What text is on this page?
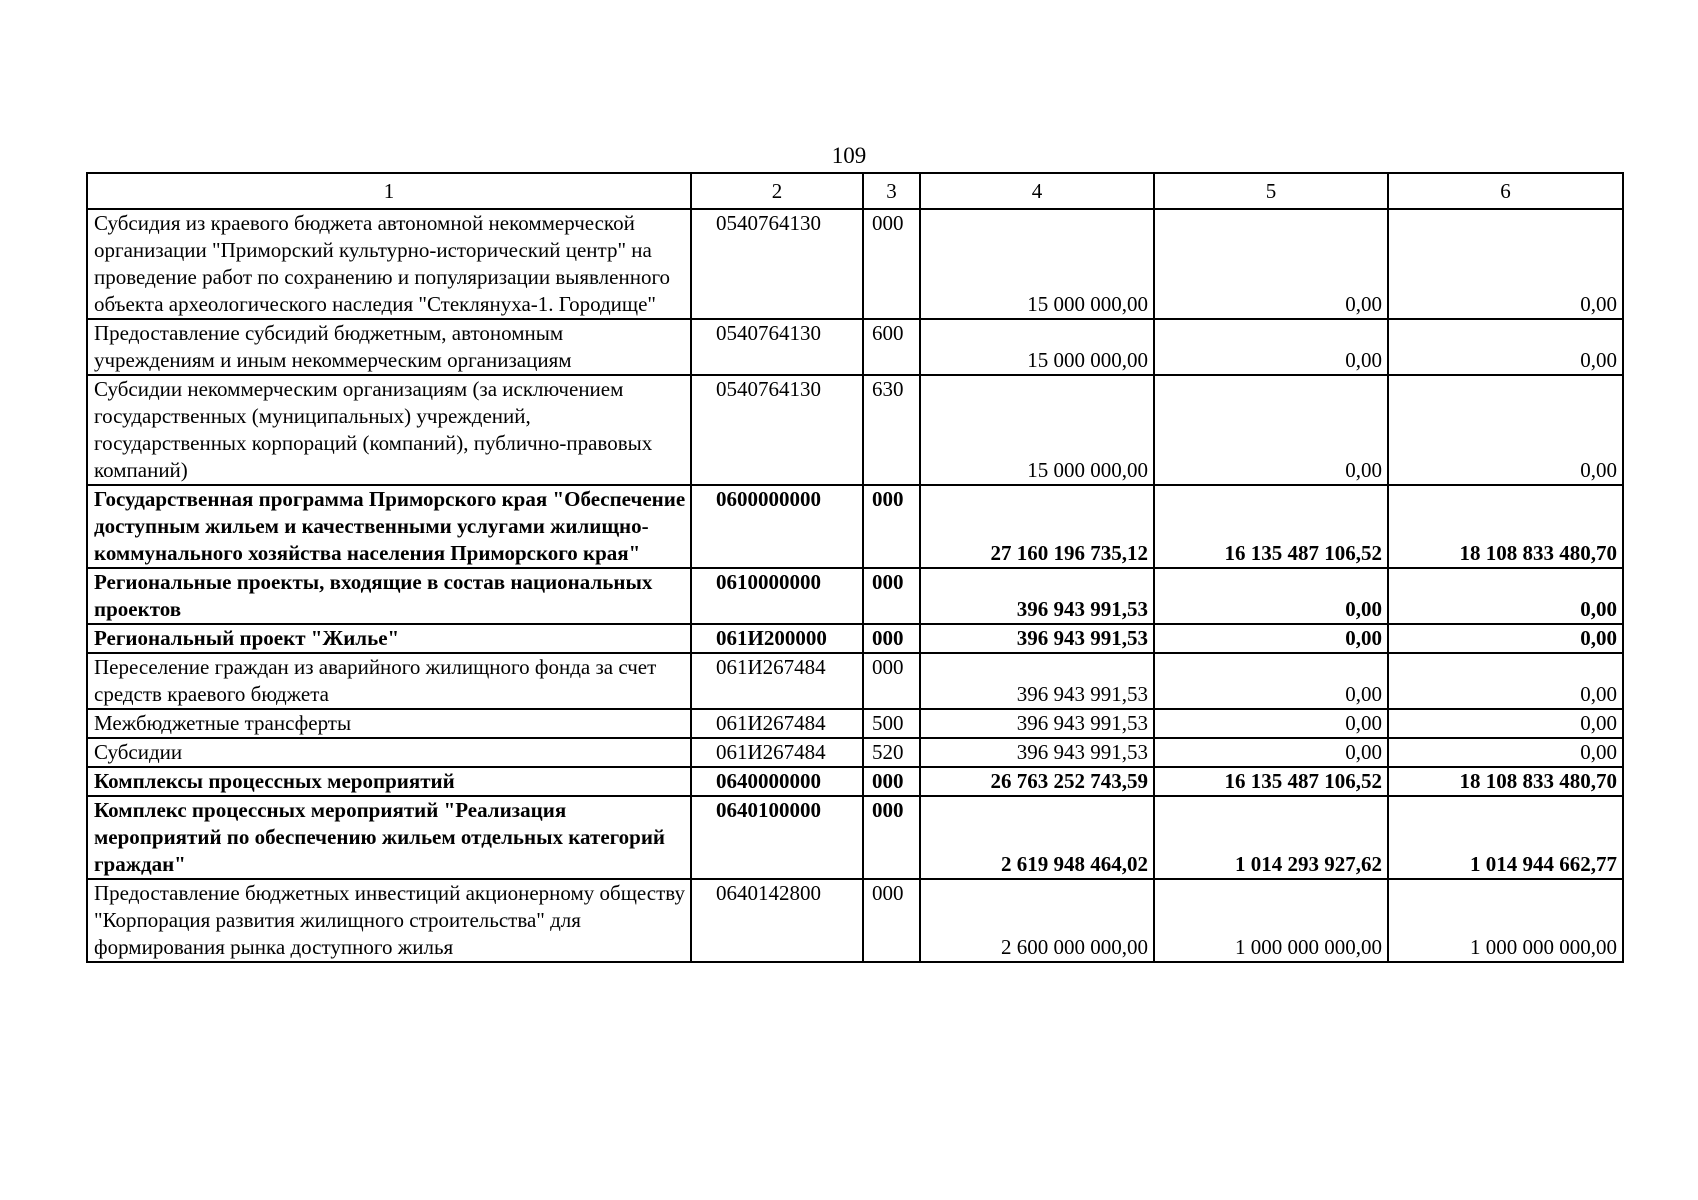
109
1	2	3	4	5	6
Субсидия из краевого бюджета автономной некоммерческой организации "Приморский культурно-исторический центр" на проведение работ по сохранению и популяризации выявленного объекта археологического наследия "Стеклянуха-1. Городище"	0540764130	000	15 000 000,00	0,00	0,00
Предоставление субсидий бюджетным, автономным учреждениям и иным некоммерческим организациям	0540764130	600	15 000 000,00	0,00	0,00
Субсидии некоммерческим организациям (за исключением государственных (муниципальных) учреждений, государственных корпораций (компаний), публично-правовых компаний)	0540764130	630	15 000 000,00	0,00	0,00
Государственная программа Приморского края "Обеспечение доступным жильем и качественными услугами жилищно-коммунального хозяйства населения Приморского края"	0600000000	000	27 160 196 735,12	16 135 487 106,52	18 108 833 480,70
Региональные проекты, входящие в состав национальных проектов	0610000000	000	396 943 991,53	0,00	0,00
Региональный проект "Жилье"	061И200000	000	396 943 991,53	0,00	0,00
Переселение граждан из аварийного жилищного фонда за счет средств краевого бюджета	061И267484	000	396 943 991,53	0,00	0,00
Межбюджетные трансферты	061И267484	500	396 943 991,53	0,00	0,00
Субсидии	061И267484	520	396 943 991,53	0,00	0,00
Комплексы процессных мероприятий	0640000000	000	26 763 252 743,59	16 135 487 106,52	18 108 833 480,70
Комплекс процессных мероприятий "Реализация мероприятий по обеспечению жильем отдельных категорий граждан"	0640100000	000	2 619 948 464,02	1 014 293 927,62	1 014 944 662,77
Предоставление бюджетных инвестиций акционерному обществу "Корпорация развития жилищного строительства" для формирования рынка доступного жилья	0640142800	000	2 600 000 000,00	1 000 000 000,00	1 000 000 000,00
